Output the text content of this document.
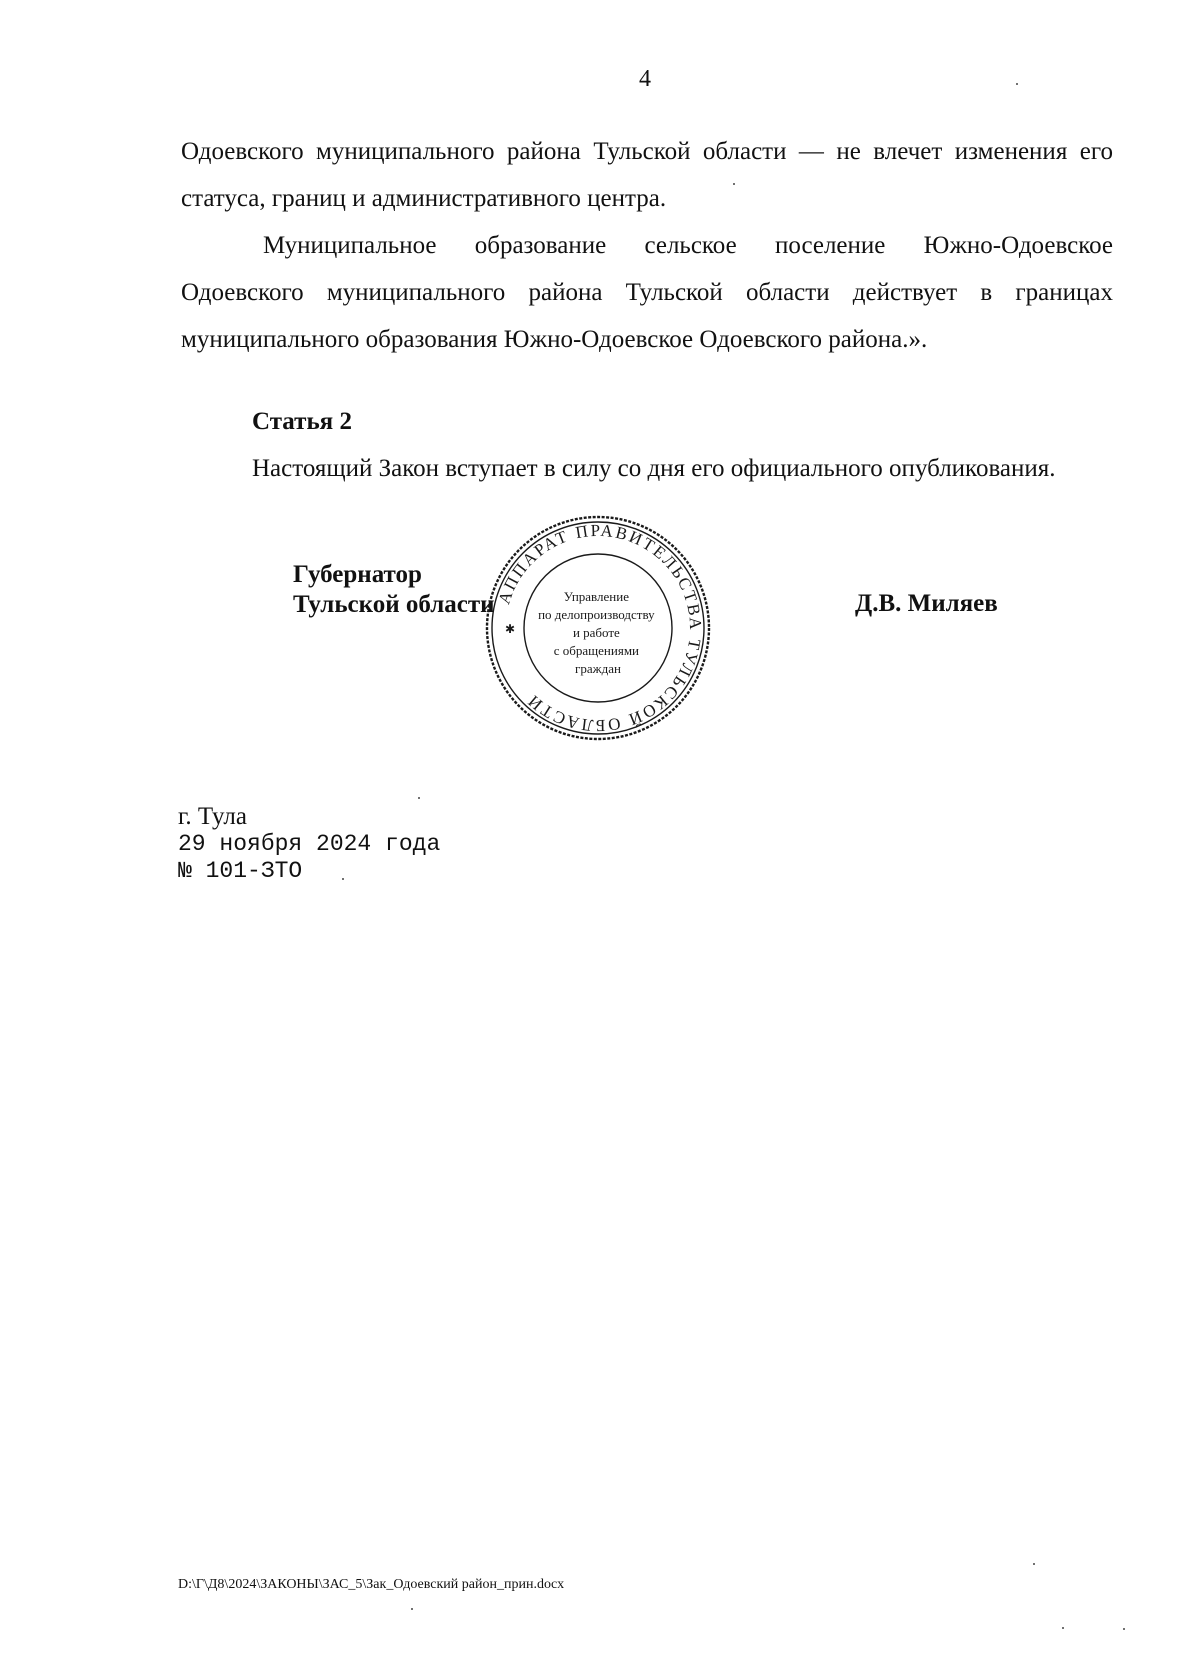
4

Одоевского муниципального района Тульской области — не влечет изменения его статуса, границ и административного центра.

Муниципальное образование сельское поселение Южно-Одоевское Одоевского муниципального района Тульской области действует в границах муниципального образования Южно-Одоевское Одоевского района.».

Статья 2
Настоящий Закон вступает в силу со дня его официального опубликования.
Губернатор
Тульской области АППАРАТ ПРАВИТЕЛЬСТВА ТУЛЬСКОЙ ОБЛАСТИ
✱
Управление по делопроизводству и работе с обращениями граждан
Д.В. Миляев
г. Тула
29 ноября 2024 года
№ 101-ЗТО
D:\Г\Д8\2024\ЗАКОНЫ\ЗАС_5\Зак_Одоевский район_прин.docx
